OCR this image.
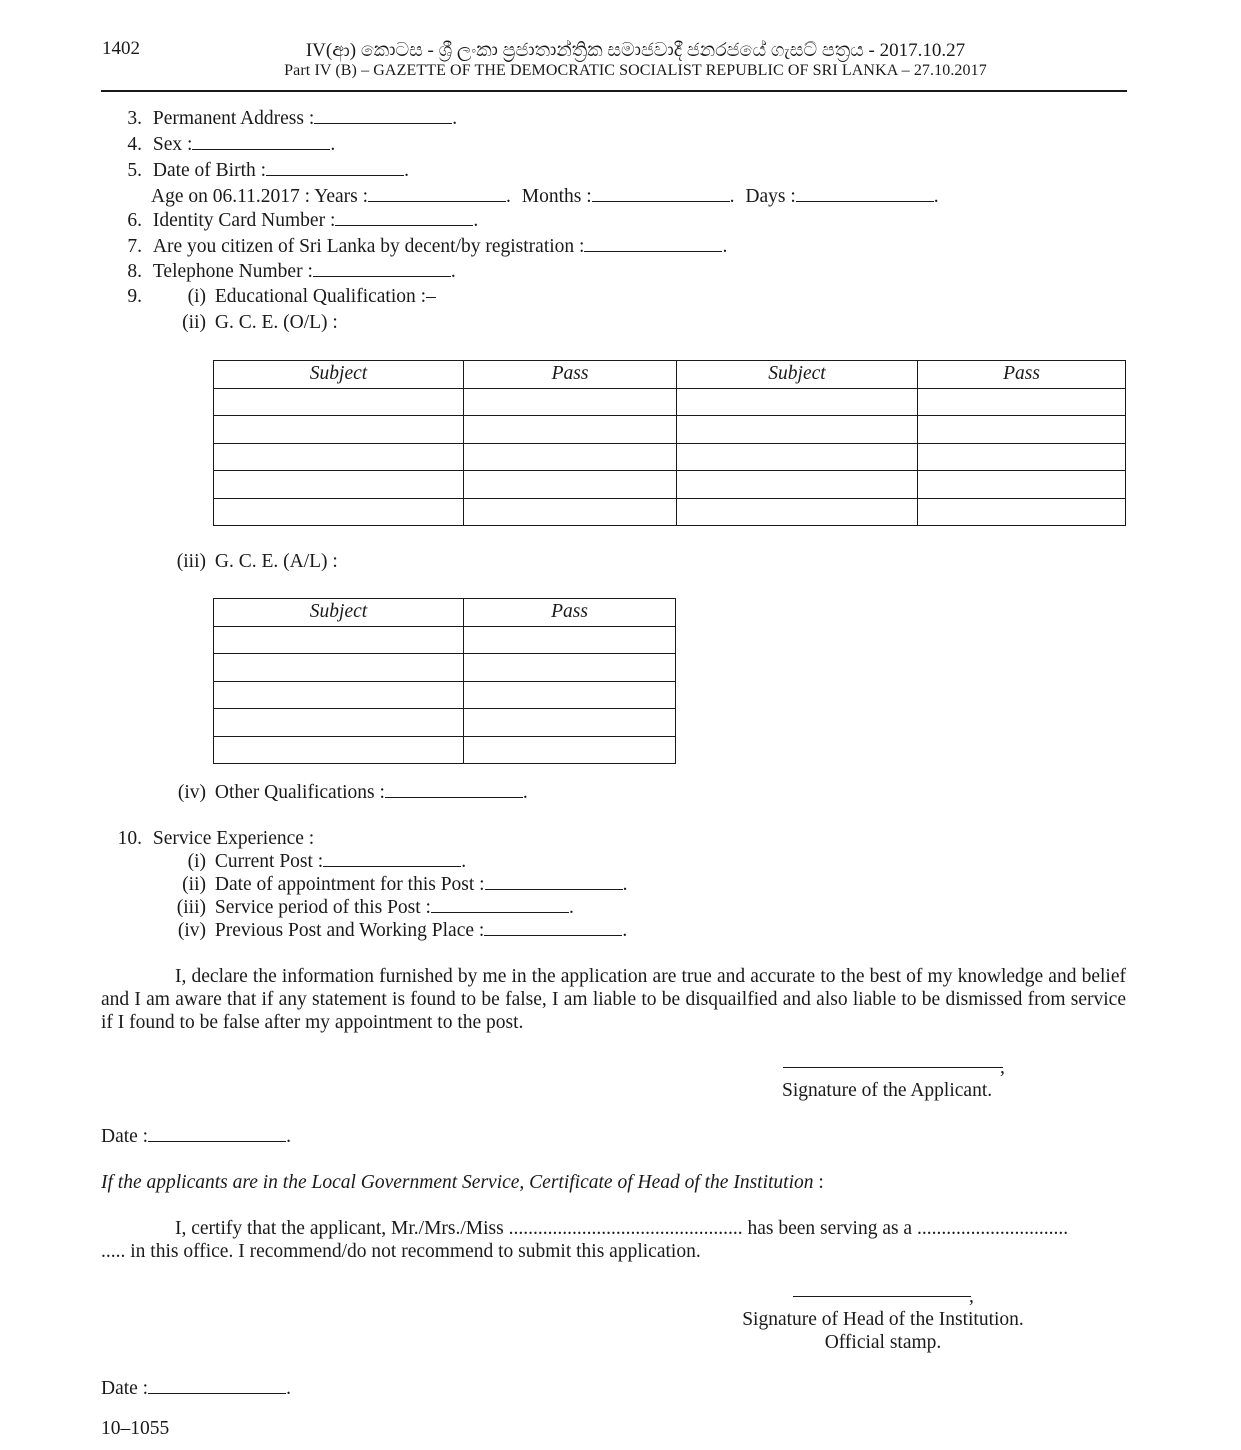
1402	IV(ආ) කොටස - ශ්‍රී ලංකා ප්‍රජාතාන්ත්‍රික සමාජවාදී ජනරජයේ ගැසට් පත්‍රය - 2017.10.27
Part IV (B) – GAZETTE OF THE DEMOCRATIC SOCIALIST REPUBLIC OF SRI LANKA – 27.10.2017
3. Permanent Address :	.
4. Sex :	.
5. Date of Birth :	.
Age on 06.11.2017 : Years :	. Months :	. Days :	.
6. Identity Card Number :	.
7. Are you citizen of Sri Lanka by decent/by registration :	.
8. Telephone Number :	.
9.	(i) Educational Qualification :–
(ii) G. C. E. (O/L) :
Subject	Pass	Subject	Pass

(iii) G. C. E. (A/L) :
Subject	Pass

(iv) Other Qualifications :	.
10. Service Experience :
(i) Current Post :	.
(ii) Date of appointment for this Post :	.
(iii) Service period of this Post :	.
(iv) Previous Post and Working Place :	.
I, declare the information furnished by me in the application are true and accurate to the best of my knowledge and belief and I am aware that if any statement is found to be false, I am liable to be disquailfied and also liable to be dismissed from service if I found to be false after my appointment to the post.
,
Signature of the Applicant.
Date :	.
If the applicants are in the Local Government Service, Certificate of Head of the Institution :
I, certify that the applicant, Mr./Mrs./Miss ................................................ has been serving as a ...............................
..... in this office. I recommend/do not recommend to submit this application.
,
Signature of Head of the Institution.
Official stamp.
Date :	.
10–1055
